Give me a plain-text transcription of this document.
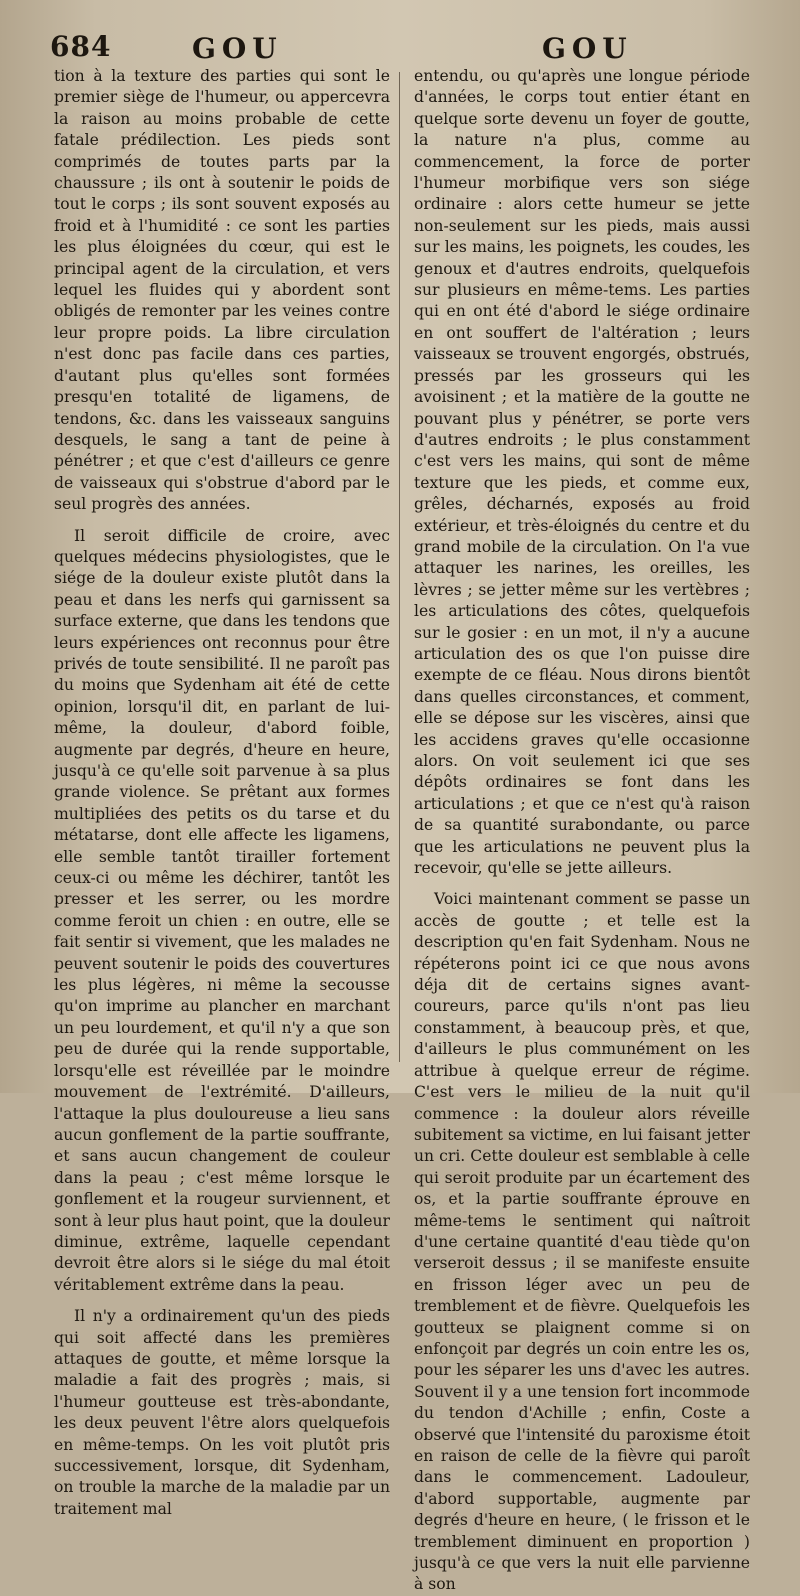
684	GOU	GOU

tion à la texture des parties qui sont le premier siège de l'humeur, ou appercevra la raison au moins probable de cette fatale prédilection. Les pieds sont comprimés de toutes parts par la chaussure ; ils ont à soutenir le poids de tout le corps ; ils sont souvent exposés au froid et à l'humidité : ce sont les parties les plus éloignées du cœur, qui est le principal agent de la circulation, et vers lequel les fluides qui y abordent sont obligés de remonter par les veines contre leur propre poids. La libre circulation n'est donc pas facile dans ces parties, d'autant plus qu'elles sont formées presqu'en totalité de ligamens, de tendons, &c. dans les vaisseaux sanguins desquels, le sang a tant de peine à pénétrer ; et que c'est d'ailleurs ce genre de vaisseaux qui s'obstrue d'abord par le seul progrès des années.

Il seroit difficile de croire, avec quelques médecins physiologistes, que le siége de la douleur existe plutôt dans la peau et dans les nerfs qui garnissent sa surface externe, que dans les tendons que leurs expériences ont reconnus pour être privés de toute sensibilité. Il ne paroît pas du moins que Sydenham ait été de cette opinion, lorsqu'il dit, en parlant de lui-même, la douleur, d'abord foible, augmente par degrés, d'heure en heure, jusqu'à ce qu'elle soit parvenue à sa plus grande violence. Se prêtant aux formes multipliées des petits os du tarse et du métatarse, dont elle affecte les ligamens, elle semble tantôt tirailler fortement ceux-ci ou même les déchirer, tantôt les presser et les serrer, ou les mordre comme feroit un chien : en outre, elle se fait sentir si vivement, que les malades ne peuvent soutenir le poids des couvertures les plus légères, ni même la secousse qu'on imprime au plancher en marchant un peu lourdement, et qu'il n'y a que son peu de durée qui la rende supportable, lorsqu'elle est réveillée par le moindre mouvement de l'extrémité. D'ailleurs, l'attaque la plus douloureuse a lieu sans aucun gonflement de la partie souffrante, et sans aucun changement de couleur dans la peau ; c'est même lorsque le gonflement et la rougeur surviennent, et sont à leur plus haut point, que la douleur diminue, extrême, laquelle cependant devroit être alors si le siége du mal étoit véritablement extrême dans la peau.

Il n'y a ordinairement qu'un des pieds qui soit affecté dans les premières attaques de goutte, et même lorsque la maladie a fait des progrès ; mais, si l'humeur goutteuse est très-abondante, les deux peuvent l'être alors quelquefois en même-temps. On les voit plutôt pris successivement, lorsque, dit Sydenham, on trouble la marche de la maladie par un traitement mal

entendu, ou qu'après une longue période d'années, le corps tout entier étant en quelque sorte devenu un foyer de goutte, la nature n'a plus, comme au commencement, la force de porter l'humeur morbifique vers son siége ordinaire : alors cette humeur se jette non-seulement sur les pieds, mais aussi sur les mains, les poignets, les coudes, les genoux et d'autres endroits, quelquefois sur plusieurs en même-tems. Les parties qui en ont été d'abord le siége ordinaire en ont souffert de l'altération ; leurs vaisseaux se trouvent engorgés, obstrués, pressés par les grosseurs qui les avoisinent ; et la matière de la goutte ne pouvant plus y pénétrer, se porte vers d'autres endroits ; le plus constamment c'est vers les mains, qui sont de même texture que les pieds, et comme eux, grêles, décharnés, exposés au froid extérieur, et très-éloignés du centre et du grand mobile de la circulation. On l'a vue attaquer les narines, les oreilles, les lèvres ; se jetter même sur les vertèbres ; les articulations des côtes, quelquefois sur le gosier : en un mot, il n'y a aucune articulation des os que l'on puisse dire exempte de ce fléau. Nous dirons bientôt dans quelles circonstances, et comment, elle se dépose sur les viscères, ainsi que les accidens graves qu'elle occasionne alors. On voit seulement ici que ses dépôts ordinaires se font dans les articulations ; et que ce n'est qu'à raison de sa quantité surabondante, ou parce que les articulations ne peuvent plus la recevoir, qu'elle se jette ailleurs.

Voici maintenant comment se passe un accès de goutte ; et telle est la description qu'en fait Sydenham. Nous ne répéterons point ici ce que nous avons déja dit de certains signes avant-coureurs, parce qu'ils n'ont pas lieu constamment, à beaucoup près, et que, d'ailleurs le plus communément on les attribue à quelque erreur de régime. C'est vers le milieu de la nuit qu'il commence : la douleur alors réveille subitement sa victime, en lui faisant jetter un cri. Cette douleur est semblable à celle qui seroit produite par un écartement des os, et la partie souffrante éprouve en même-tems le sentiment qui naîtroit d'une certaine quantité d'eau tiède qu'on verseroit dessus ; il se manifeste ensuite en frisson léger avec un peu de tremblement et de fièvre. Quelquefois les goutteux se plaignent comme si on enfonçoit par degrés un coin entre les os, pour les séparer les uns d'avec les autres. Souvent il y a une tension fort incommode du tendon d'Achille ; enfin, Coste a observé que l'intensité du paroxisme étoit en raison de celle de la fièvre qui paroît dans le commencement. Ladouleur, d'abord supportable, augmente par degrés d'heure en heure, ( le frisson et le tremblement diminuent en proportion ) jusqu'à ce que vers la nuit elle parvienne à son
